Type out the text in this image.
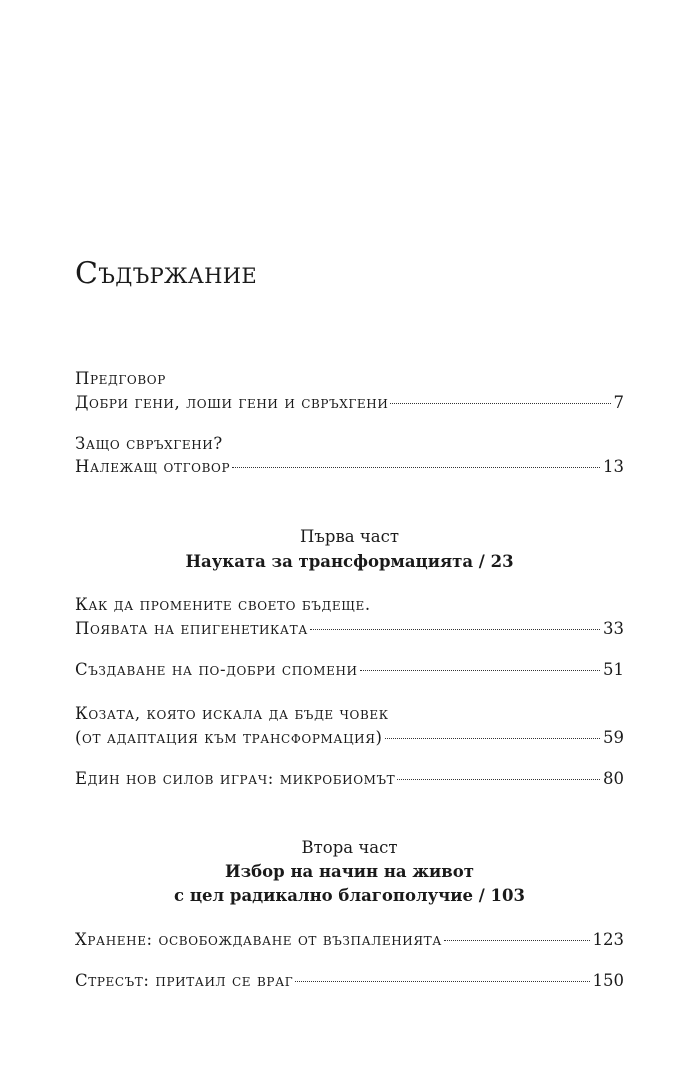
Съдържание
Предговор
Добри гени, лоши гени и свръхгени	7
Защо свръхгени?
Належащ отговор	13
Първа част
Науката за трансформацията / 23
Как да промените своето бъдеще.
Появата на епигенетиката	33
Създаване на по-добри спомени	51
Козата, която искала да бъде човек
(от адаптация към трансформация)	59
Един нов силов играч: микробиомът	80
Втора част
Избор на начин на живот
с цел радикално благополучие / 103
Хранене: освобождаване от възпаленията	123
Стресът: притаил се враг	150
